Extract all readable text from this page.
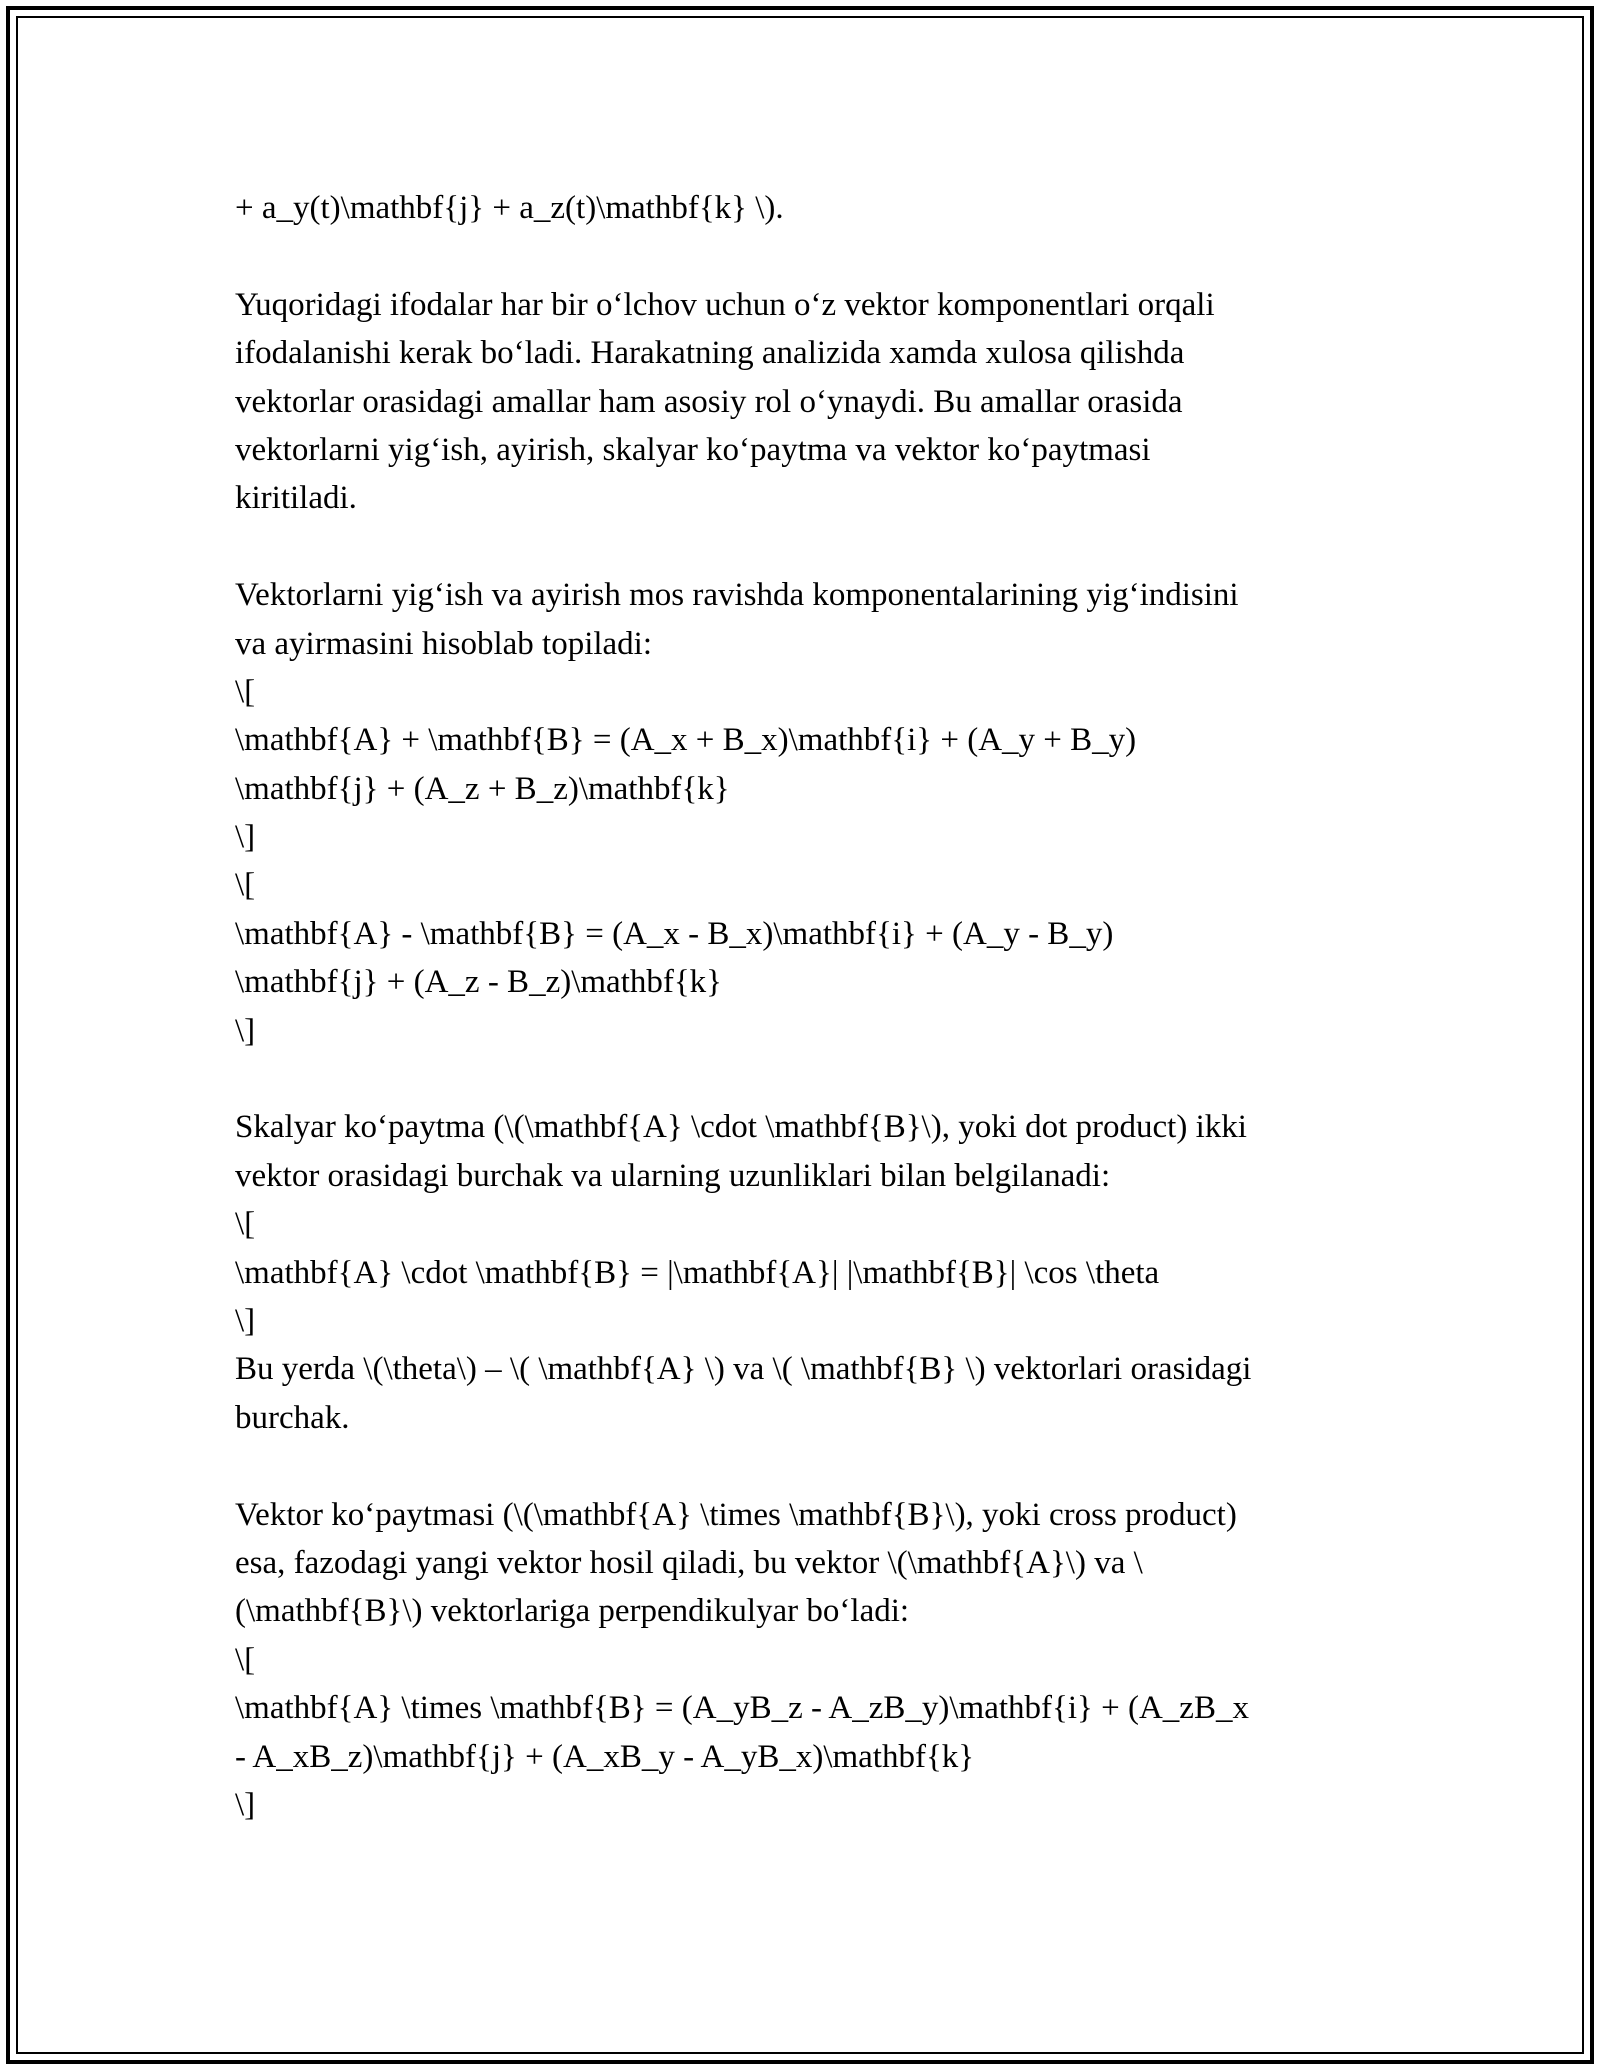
+ a_y(t)\mathbf{j} + a_z(t)\mathbf{k} \).

Yuqoridagi ifodalar har bir o‘lchov uchun o‘z vektor komponentlari orqali

ifodalanishi kerak bo‘ladi. Harakatning analizida xamda xulosa qilishda

vektorlar orasidagi amallar ham asosiy rol o‘ynaydi. Bu amallar orasida

vektorlarni yig‘ish, ayirish, skalyar ko‘paytma va vektor ko‘paytmasi

kiritiladi.

Vektorlarni yig‘ish va ayirish mos ravishda komponentalarining yig‘indisini

va ayirmasini hisoblab topiladi:

\[

\mathbf{A} + \mathbf{B} = (A_x + B_x)\mathbf{i} + (A_y + B_y)

\mathbf{j} + (A_z + B_z)\mathbf{k}

\]

\[

\mathbf{A} - \mathbf{B} = (A_x - B_x)\mathbf{i} + (A_y - B_y)

\mathbf{j} + (A_z - B_z)\mathbf{k}

\]

Skalyar ko‘paytma (\(\mathbf{A} \cdot \mathbf{B}\), yoki dot product) ikki

vektor orasidagi burchak va ularning uzunliklari bilan belgilanadi:

\[

\mathbf{A} \cdot \mathbf{B} = |\mathbf{A}| |\mathbf{B}| \cos \theta

\]

Bu yerda \(\theta\) – \( \mathbf{A} \) va \( \mathbf{B} \) vektorlari orasidagi

burchak.

Vektor ko‘paytmasi (\(\mathbf{A} \times \mathbf{B}\), yoki cross product)

esa, fazodagi yangi vektor hosil qiladi, bu vektor \(\mathbf{A}\) va \

(\mathbf{B}\) vektorlariga perpendikulyar bo‘ladi:

\[

\mathbf{A} \times \mathbf{B} = (A_yB_z - A_zB_y)\mathbf{i} + (A_zB_x

- A_xB_z)\mathbf{j} + (A_xB_y - A_yB_x)\mathbf{k}

\]
